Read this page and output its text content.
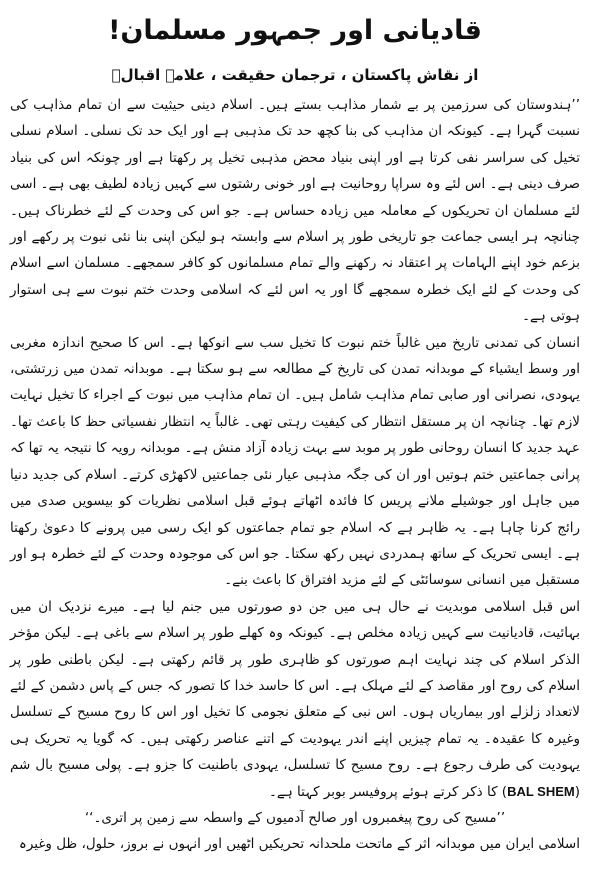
قادیانی اور جمہور مسلمان!
از نقاش پاکستان ، ترجمان حقیقت ، علامہ اقبالؒ

’’ہندوستان کی سرزمین پر بے شمار مذاہب بستے ہیں۔ اسلام دینی حیثیت سے ان تمام مذاہب کی نسبت گہرا ہے۔ کیونکہ ان مذاہب کی بنا کچھ حد تک مذہبی ہے اور ایک حد تک نسلی۔ اسلام نسلی تخیل کی سراسر نفی کرتا ہے اور اپنی بنیاد محض مذہبی تخیل پر رکھتا ہے اور چونکہ اس کی بنیاد صرف دینی ہے۔ اس لئے وہ سراپا روحانیت ہے اور خونی رشتوں سے کہیں زیادہ لطیف بھی ہے۔ اسی لئے مسلمان ان تحریکوں کے معاملہ میں زیادہ حساس ہے۔ جو اس کی وحدت کے لئے خطرناک ہیں۔ چنانچہ ہر ایسی جماعت جو تاریخی طور پر اسلام سے وابستہ ہو لیکن اپنی بنا نئی نبوت پر رکھے اور بزعم خود اپنے الہامات پر اعتقاد نہ رکھنے والے تمام مسلمانوں کو کافر سمجھے۔ مسلمان اسے اسلام کی وحدت کے لئے ایک خطرہ سمجھے گا اور یہ اس لئے کہ اسلامی وحدت ختم نبوت سے ہی استوار ہوتی ہے۔

انسان کی تمدنی تاریخ میں غالباً ختم نبوت کا تخیل سب سے انوکھا ہے۔ اس کا صحیح اندازہ مغربی اور وسط ایشیاء کے موبدانہ تمدن کی تاریخ کے مطالعہ سے ہو سکتا ہے۔ موبدانہ تمدن میں زرتشتی، یہودی، نصرانی اور صابی تمام مذاہب شامل ہیں۔ ان تمام مذاہب میں نبوت کے اجراء کا تخیل نہایت لازم تھا۔ چنانچہ ان پر مستقل انتظار کی کیفیت رہتی تھی۔ غالباً یہ انتظار نفسیاتی حظ کا باعث تھا۔ عہد جدید کا انسان روحانی طور پر موبد سے بہت زیادہ آزاد منش ہے۔ موبدانہ رویہ کا نتیجہ یہ تھا کہ پرانی جماعتیں ختم ہوتیں اور ان کی جگہ مذہبی عیار نئی جماعتیں لاکھڑی کرتے۔ اسلام کی جدید دنیا میں جاہل اور جوشیلے ملانے پریس کا فائدہ اٹھاتے ہوئے قبل اسلامی نظریات کو بیسویں صدی میں رائج کرنا چاہا ہے۔ یہ ظاہر ہے کہ اسلام جو تمام جماعتوں کو ایک رسی میں پرونے کا دعویٰ رکھتا ہے۔ ایسی تحریک کے ساتھ ہمدردی نہیں رکھ سکتا۔ جو اس کی موجودہ وحدت کے لئے خطرہ ہو اور مستقبل میں انسانی سوسائٹی کے لئے مزید افتراق کا باعث بنے۔

اس قبل اسلامی موبدیت نے حال ہی میں جن دو صورتوں میں جنم لیا ہے۔ میرے نزدیک ان میں بہائیت، قادیانیت سے کہیں زیادہ مخلص ہے۔ کیونکہ وہ کھلے طور پر اسلام سے باغی ہے۔ لیکن مؤخر الذکر اسلام کی چند نہایت اہم صورتوں کو ظاہری طور پر قائم رکھتی ہے۔ لیکن باطنی طور پر اسلام کی روح اور مقاصد کے لئے مہلک ہے۔ اس کا حاسد خدا کا تصور کہ جس کے پاس دشمن کے لئے لاتعداد زلزلے اور بیماریاں ہوں۔ اس نبی کے متعلق نجومی کا تخیل اور اس کا روح مسیح کے تسلسل وغیرہ کا عقیدہ۔ یہ تمام چیزیں اپنے اندر یہودیت کے اتنے عناصر رکھتی ہیں۔ کہ گویا یہ تحریک ہی یہودیت کی طرف رجوع ہے۔ روح مسیح کا تسلسل، یہودی باطنیت کا جزو ہے۔ پولی مسیح بال شم (BAL SHEM) کا ذکر کرتے ہوئے پروفیسر بوبر کہتا ہے۔

’’مسیح کی روح پیغمبروں اور صالح آدمیوں کے واسطہ سے زمین پر اتری۔‘‘

اسلامی ایران میں موبدانہ اثر کے ماتحت ملحدانہ تحریکیں اٹھیں اور انہوں نے بروز، حلول، ظل وغیرہ
